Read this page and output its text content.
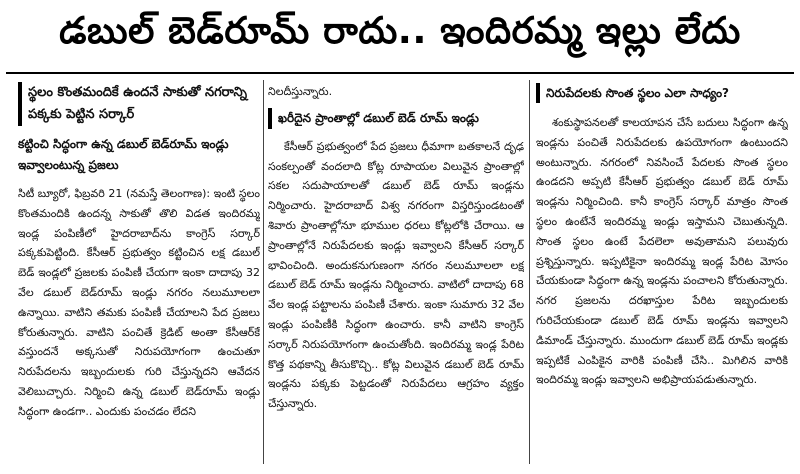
డబుల్ బెడ్‌రూమ్ రాదు.. ఇందిరమ్మ ఇల్లు లేదు
స్థలం కొంతమందికే ఉందనే సాకుతో నగరాన్ని పక్కకు పెట్టిన సర్కార్
కట్టించి సిద్ధంగా ఉన్న డబుల్ బెడ్‌రూమ్ ఇండ్లు ఇవ్వాలంటున్న ప్రజలు

సిటీ బ్యూరో, ఫిబ్రవరి 21 (నమస్తే తెలంగాణ): ఇంటి స్థలం కొంతమందికి ఉందన్న సాకుతో తొలి విడత ఇందిరమ్మ ఇండ్ల పంపిణీలో హైదరాబాద్‌ను కాంగ్రెస్ సర్కార్ పక్కకుపెట్టింది. కేసీఆర్ ప్రభుత్వం కట్టించిన లక్ష డబుల్ బెడ్ ఇండ్లలో ప్రజలకు పంపిణీ చేయగా ఇంకా దాదాపు 32 వేల డబుల్ బెడ్‌రూమ్ ఇండ్లు నగరం నలుమూలలా ఉన్నాయి. వాటిని తమకు పంపిణీ చేయాలని పేద ప్రజలు కోరుతున్నారు. వాటిని పంచితే క్రెడిట్ అంతా కేసీఆర్‌కే వస్తుందనే అక్కసుతో నిరుపయోగంగా ఉంచుతూ నిరుపేదలను ఇబ్బందులకు గురి చేస్తున్నదని ఆవేదన వెలిబుచ్చారు. నిర్మించి ఉన్న డబుల్ బెడ్‌రూమ్ ఇండ్లు సిద్ధంగా ఉండగా.. ఎందుకు పంచడం లేదని

నిలదీస్తున్నారు.

ఖరీదైన ప్రాంతాల్లో డబుల్ బెడ్ రూమ్ ఇండ్లు

కేసీఆర్ ప్రభుత్వంలో పేద ప్రజలు ధీమాగా బతకాలనే దృఢ సంకల్పంతో వందలాది కోట్ల రూపాయల విలువైన ప్రాంతాల్లో సకల సదుపాయాలతో డబుల్ బెడ్ రూమ్ ఇండ్లను నిర్మించారు. హైదరాబాద్ విశ్వ నగరంగా విస్తరిస్తుండటంతో శివారు ప్రాంతాల్లోనూ భూముల ధరలు కోట్లలోకి చేరాయి. ఆ ప్రాంతాల్లోనే నిరుపేదలకు ఇండ్లు ఇవ్వాలని కేసీఆర్ సర్కార్ భావించింది. అందుకనుగుణంగా నగరం నలుమూలలా లక్ష డబుల్ బెడ్ రూమ్ ఇండ్లను నిర్మించారు. వాటిలో దాదాపు 68 వేల ఇండ్ల పట్టాలను పంపిణీ చేశారు. ఇంకా సుమారు 32 వేల ఇండ్లు పంపిణీకి సిద్ధంగా ఉంచారు. కానీ వాటిని కాంగ్రెస్ సర్కార్ నిరుపయోగంగా ఉంచుతోంది. ఇందిరమ్మ ఇండ్ల పేరిట కొత్త పథకాన్ని తీసుకొచ్చి.. కోట్ల విలువైన డబుల్ బెడ్ రూమ్ ఇండ్లను పక్కకు పెట్టడంతో నిరుపేదలు ఆగ్రహం వ్యక్తం చేస్తున్నారు.

నిరుపేదలకు సొంత స్థలం ఎలా సాధ్యం?

శంకుస్థాపనలతో కాలయాపన చేసే బదులు సిద్ధంగా ఉన్న ఇండ్లను పంచితే నిరుపేదలకు ఉపయోగంగా ఉంటుందని అంటున్నారు. నగరంలో నివసించే పేదలకు సొంత స్థలం ఉండదని అప్పటి కేసీఆర్ ప్రభుత్వం డబుల్ బెడ్ రూమ్ ఇండ్లను నిర్మించింది. కానీ కాంగ్రెస్ సర్కార్ మాత్రం సొంత స్థలం ఉంటేనే ఇందిరమ్మ ఇండ్లు ఇస్తామని చెబుతున్నది. సొంత స్థలం ఉంటే పేదలెలా అవుతామని పలువురు ప్రశ్నిస్తున్నారు. ఇప్పటికైనా ఇందిరమ్మ ఇండ్ల పేరిట మోసం చేయకుండా సిద్ధంగా ఉన్న ఇండ్లను పంచాలని కోరుతున్నారు. నగర ప్రజలను దరఖాస్తుల పేరిట ఇబ్బందులకు గురిచేయకుండా డబుల్ బెడ్ రూమ్ ఇండ్లను ఇవ్వాలని డిమాండ్ చేస్తున్నారు. ముందుగా డబుల్ బెడ్ రూమ్ ఇండ్లకు ఇప్పటికే ఎంపికైన వారికి పంపిణీ చేసి.. మిగిలిన వారికి ఇందిరమ్మ ఇండ్లు ఇవ్వాలని అభిప్రాయపడుతున్నారు.
